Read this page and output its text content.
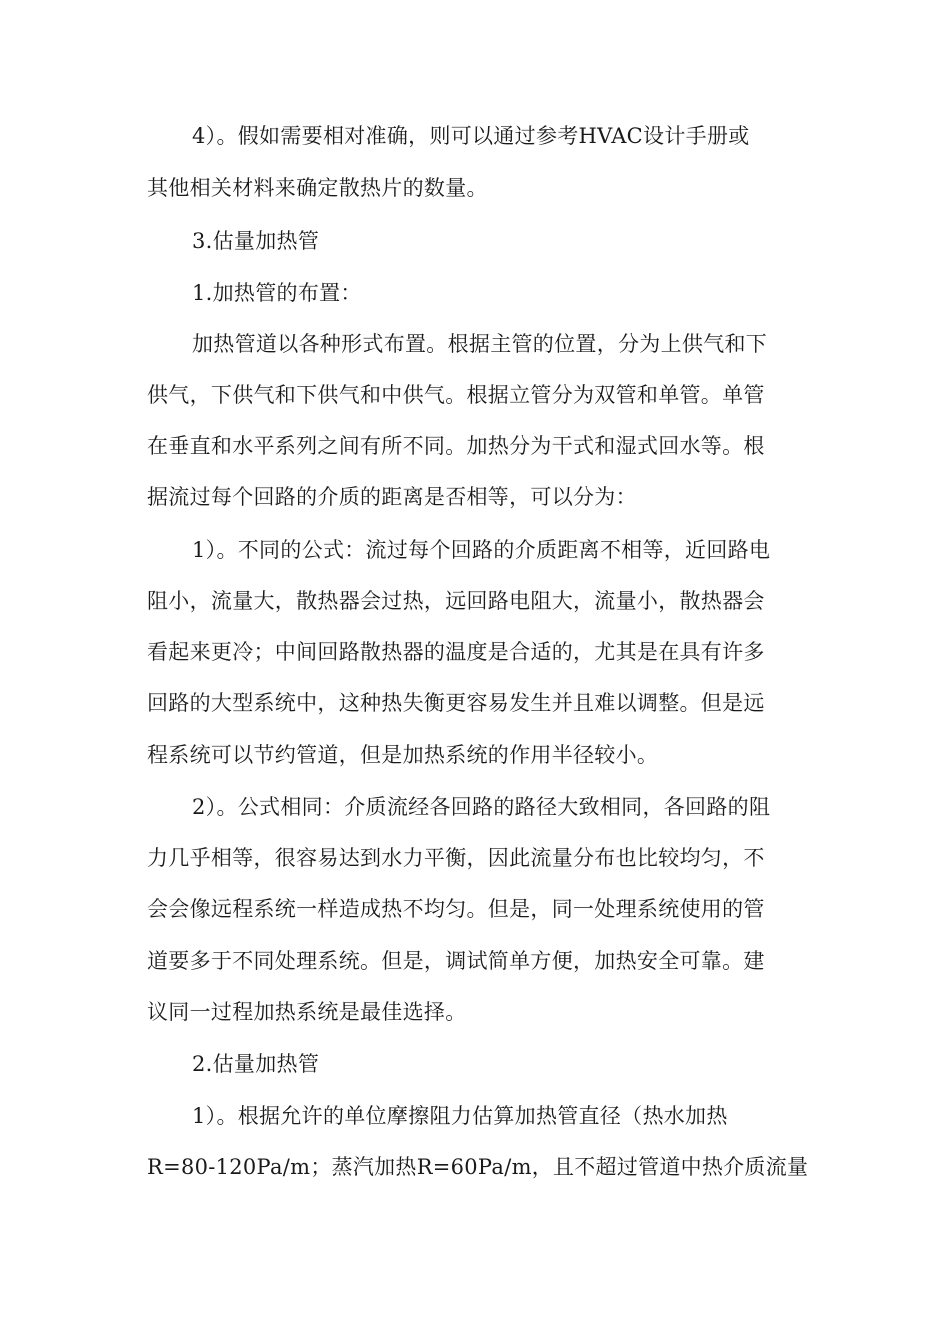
4）。假如需要相对准确，则可以通过参考HVAC设计手册或

其他相关材料来确定散热片的数量。

3.估量加热管

1.加热管的布置：

加热管道以各种形式布置。根据主管的位置，分为上供气和下

供气，下供气和下供气和中供气。根据立管分为双管和单管。单管

在垂直和水平系列之间有所不同。加热分为干式和湿式回水等。根

据流过每个回路的介质的距离是否相等，可以分为：

1）。不同的公式：流过每个回路的介质距离不相等，近回路电

阻小，流量大，散热器会过热，远回路电阻大，流量小，散热器会

看起来更冷；中间回路散热器的温度是合适的，尤其是在具有许多

回路的大型系统中，这种热失衡更容易发生并且难以调整。但是远

程系统可以节约管道，但是加热系统的作用半径较小。

2）。公式相同：介质流经各回路的路径大致相同，各回路的阻

力几乎相等，很容易达到水力平衡，因此流量分布也比较均匀，不

会会像远程系统一样造成热不均匀。但是，同一处理系统使用的管

道要多于不同处理系统。但是，调试简单方便，加热安全可靠。建

议同一过程加热系统是最佳选择。

2.估量加热管

1）。根据允许的单位摩擦阻力估算加热管直径（热水加热

R=80-120Pa/m；蒸汽加热R=60Pa/m，且不超过管道中热介质流量
